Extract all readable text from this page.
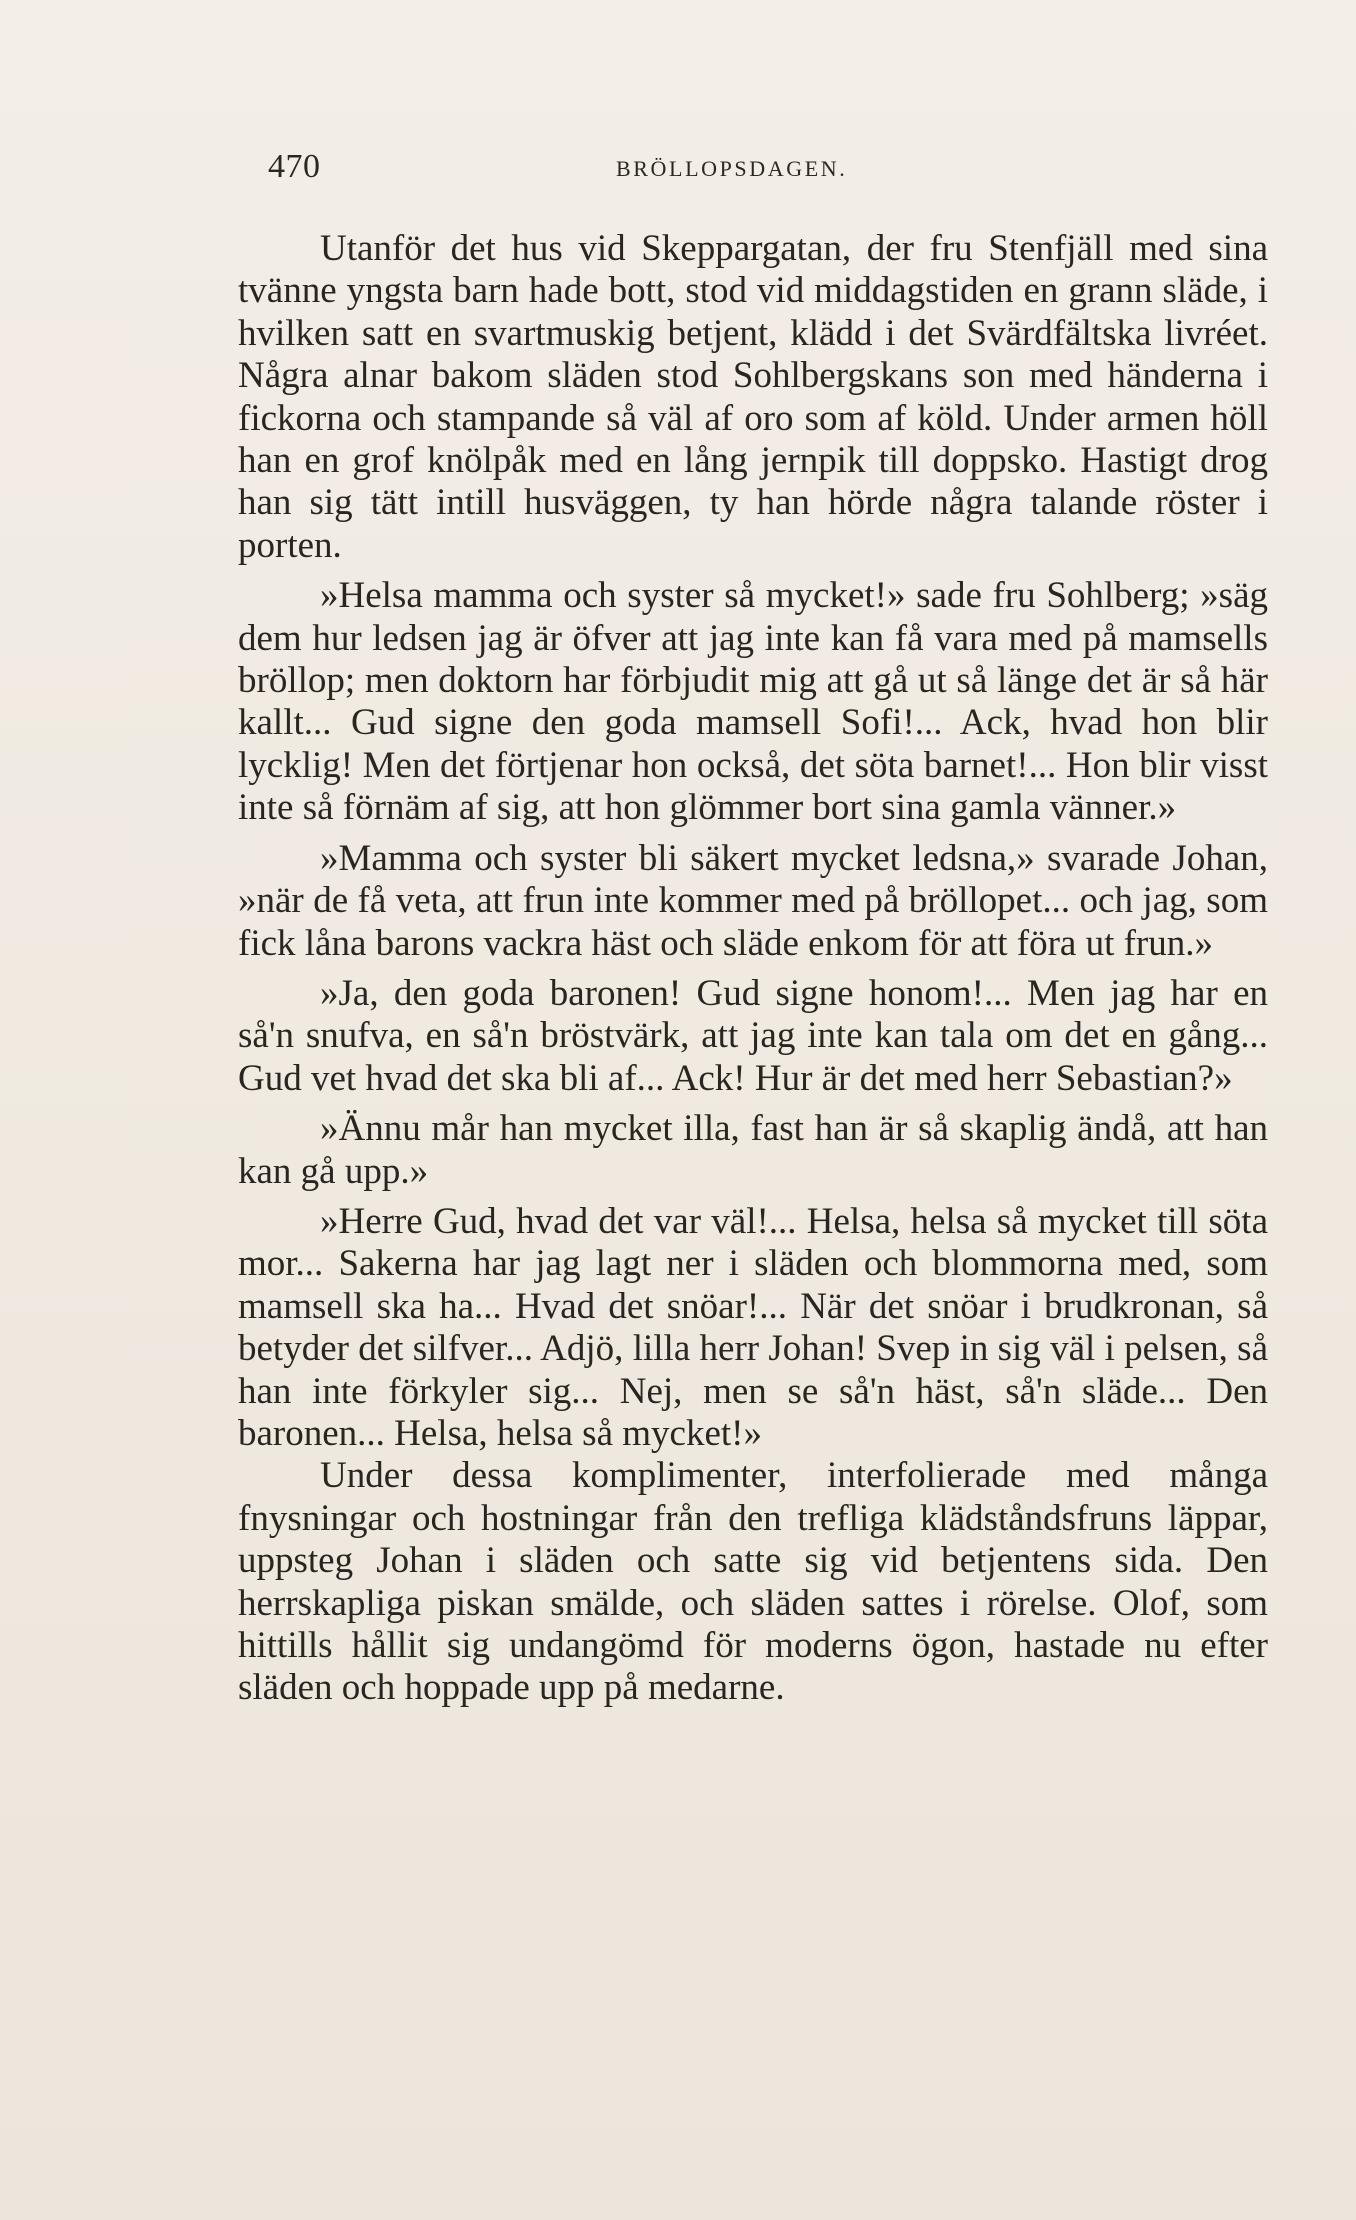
470	BRÖLLOPSDAGEN.

Utanför det hus vid Skeppargatan, der fru Stenfjäll med sina tvänne yngsta barn hade bott, stod vid middagstiden en grann släde, i hvilken satt en svartmuskig betjent, klädd i det Svärdfältska livréet. Några alnar bakom släden stod Sohlbergskans son med händerna i fickorna och stampande så väl af oro som af köld. Under armen höll han en grof knölpåk med en lång jernpik till doppsko. Hastigt drog han sig tätt intill husväggen, ty han hörde några talande röster i porten.

»Helsa mamma och syster så mycket!» sade fru Sohlberg; »säg dem hur ledsen jag är öfver att jag inte kan få vara med på mamsells bröllop; men doktorn har förbjudit mig att gå ut så länge det är så här kallt... Gud signe den goda mamsell Sofi!... Ack, hvad hon blir lycklig! Men det förtjenar hon också, det söta barnet!... Hon blir visst inte så förnäm af sig, att hon glömmer bort sina gamla vänner.»

»Mamma och syster bli säkert mycket ledsna,» svarade Johan, »när de få veta, att frun inte kommer med på bröllopet... och jag, som fick låna barons vackra häst och släde enkom för att föra ut frun.»

»Ja, den goda baronen! Gud signe honom!... Men jag har en så'n snufva, en så'n bröstvärk, att jag inte kan tala om det en gång... Gud vet hvad det ska bli af... Ack! Hur är det med herr Sebastian?»

»Ännu mår han mycket illa, fast han är så skaplig ändå, att han kan gå upp.»

»Herre Gud, hvad det var väl!... Helsa, helsa så mycket till söta mor... Sakerna har jag lagt ner i släden och blommorna med, som mamsell ska ha... Hvad det snöar!... När det snöar i brudkronan, så betyder det silfver... Adjö, lilla herr Johan! Svep in sig väl i pelsen, så han inte förkyler sig... Nej, men se så'n häst, så'n släde... Den baronen... Helsa, helsa så mycket!»

Under dessa komplimenter, interfolierade med många fnysningar och hostningar från den trefliga klädståndsfruns läppar, uppsteg Johan i släden och satte sig vid betjentens sida. Den herrskapliga piskan smälde, och släden sattes i rörelse. Olof, som hittills hållit sig undangömd för moderns ögon, hastade nu efter släden och hoppade upp på medarne.
